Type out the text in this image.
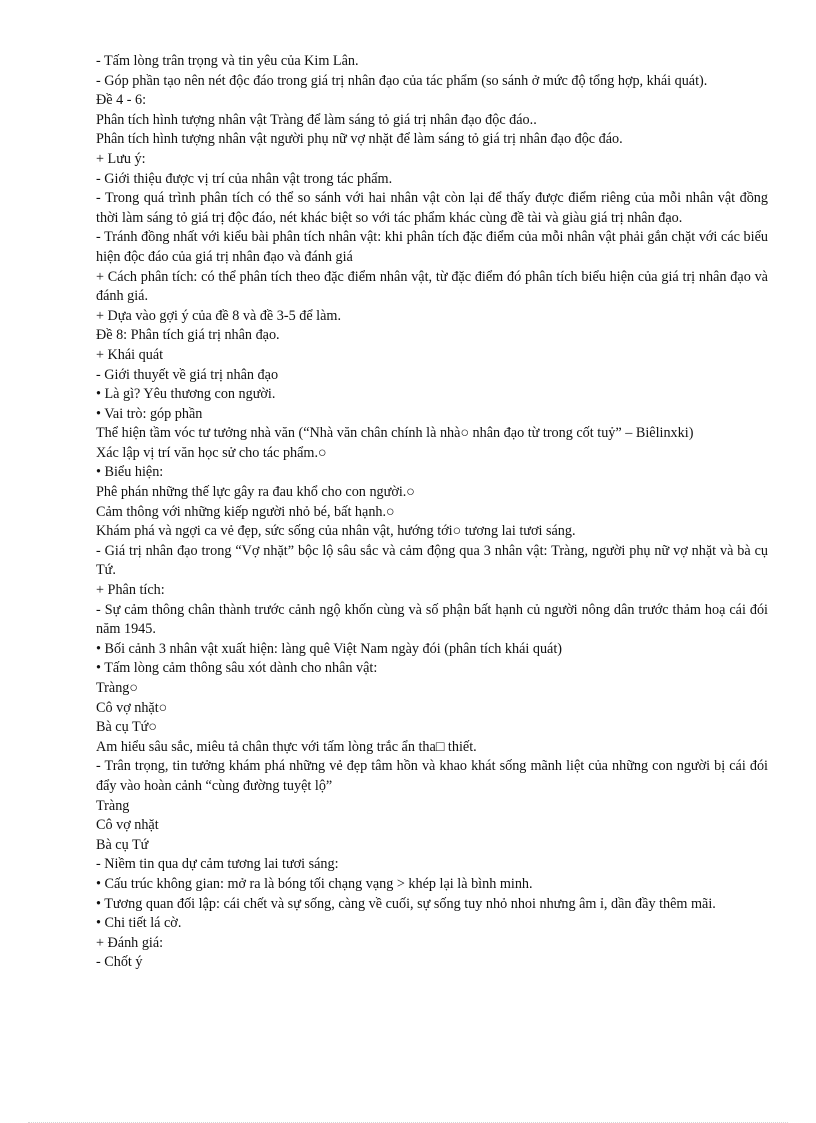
- Tấm lòng trân trọng và tin yêu của Kim Lân.

- Góp phần tạo nên nét độc đáo trong giá trị nhân đạo của tác phẩm (so sánh ở mức độ tổng hợp, khái quát).

Đề 4 - 6:

Phân tích hình tượng nhân vật Tràng để làm sáng tỏ giá trị nhân đạo độc đáo..

Phân tích hình tượng nhân vật người phụ nữ vợ nhặt để làm sáng tỏ giá trị nhân đạo độc đáo.

+ Lưu ý:

- Giới thiệu được vị trí của nhân vật trong tác phẩm.

- Trong quá trình phân tích có thể so sánh với hai nhân vật còn lại để thấy được điểm riêng của mỗi nhân vật đồng thời làm sáng tỏ giá trị độc đáo, nét khác biệt so với tác phẩm khác cùng đề tài và giàu giá trị nhân đạo.

- Tránh đồng nhất với kiểu bài phân tích nhân vật: khi phân tích đặc điểm của mỗi nhân vật phải gắn chặt với các biểu hiện độc đáo của giá trị nhân đạo và đánh giá

+ Cách phân tích: có thể phân tích theo đặc điểm nhân vật, từ đặc điểm đó phân tích biểu hiện của giá trị nhân đạo và đánh giá.

+ Dựa vào gợi ý của đề 8 và đề 3-5 để làm.

Đề 8: Phân tích giá trị nhân đạo.

+ Khái quát

- Giới thuyết về giá trị nhân đạo

• Là gì? Yêu thương con người.

• Vai trò: góp phần

Thể hiện tầm vóc tư tưởng nhà văn (“Nhà văn chân chính là nhà○ nhân đạo từ trong cốt tuỷ” – Biêlinxki)

Xác lập vị trí văn học sử cho tác phẩm.○

• Biểu hiện:

Phê phán những thế lực gây ra đau khổ cho con người.○

Cảm thông với những kiếp người nhỏ bé, bất hạnh.○

Khám phá và ngợi ca vẻ đẹp, sức sống của nhân vật, hướng tới○ tương lai tươi sáng.

- Giá trị nhân đạo trong “Vợ nhặt” bộc lộ sâu sắc và cảm động qua 3 nhân vật: Tràng, người phụ nữ vợ nhặt và bà cụ Tứ.

+ Phân tích:

- Sự cảm thông chân thành trước cảnh ngộ khốn cùng và số phận bất hạnh củ người nông dân trước thảm hoạ cái đói năm 1945.

• Bối cảnh 3 nhân vật xuất hiện: làng quê Việt Nam ngày đói (phân tích khái quát)

• Tấm lòng cảm thông sâu xót dành cho nhân vật:

Tràng○

Cô vợ nhặt○

Bà cụ Tứ○

Am hiểu sâu sắc, miêu tả chân thực với tấm lòng trắc ẩn tha□ thiết.

- Trân trọng, tin tưởng khám phá những vẻ đẹp tâm hồn và khao khát sống mãnh liệt của những con người bị cái đói đẩy vào hoàn cảnh “cùng đường tuyệt lộ”

Tràng

Cô vợ nhặt

Bà cụ Tứ

- Niềm tin qua dự cảm tương lai tươi sáng:

• Cấu trúc không gian: mở ra là bóng tối chạng vạng > khép lại là bình minh.

• Tương quan đối lập: cái chết và sự sống, càng về cuối, sự sống tuy nhỏ nhoi nhưng âm ỉ, dần đầy thêm mãi.

• Chi tiết lá cờ.

+ Đánh giá:

- Chốt ý
